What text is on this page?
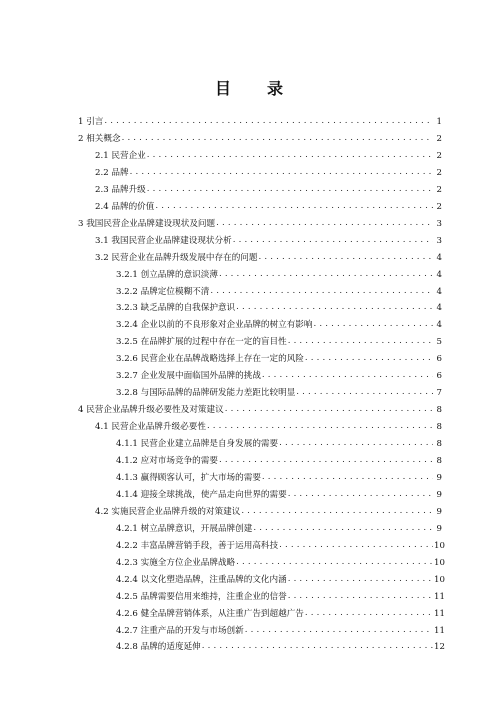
目 录
1 引言 . . .	1
2 相关概念 . . .	2
2.1 民营企业 . . .	2
2.2 品牌 . . .	2
2.3 品牌升级 . . .	2
2.4 品牌的价值 . . .	2
3 我国民营企业品牌建设现状及问题 . . .	3
3.1 我国民营企业品牌建设现状分析 . . .	3
3.2 民营企业在品牌升级发展中存在的问题 . . .	4
3.2.1 创立品牌的意识淡薄 . . .	4
3.2.2 品牌定位模糊不清 . . .	4
3.2.3 缺乏品牌的自我保护意识 . . .	4
3.2.4 企业以前的不良形象对企业品牌的树立有影响 . . .	4
3.2.5 在品牌扩展的过程中存在一定的盲目性 . . .	5
3.2.6 民营企业在品牌战略选择上存在一定的风险 . . .	6
3.2.7 企业发展中面临国外品牌的挑战 . . .	6
3.2.8 与国际品牌的品牌研发能力差距比较明显 . . .	7
4 民营企业品牌升级必要性及对策建议 . . .	8
4.1 民营企业品牌升级必要性 . . .	8
4.1.1 民营企业建立品牌是自身发展的需要 . . .	8
4.1.2 应对市场竞争的需要 . . .	8
4.1.3 赢得顾客认可，扩大市场的需要 . . .	9
4.1.4 迎接全球挑战，使产品走向世界的需要 . . .	9
4.2 实施民营企业品牌升级的对策建议 . . .	9
4.2.1 树立品牌意识，开展品牌创建 . . .	9
4.2.2 丰富品牌营销手段，善于运用高科技 . . .	10
4.2.3 实施全方位企业品牌战略 . . .	10
4.2.4 以文化塑造品牌，注重品牌的文化内涵 . . .	10
4.2.5 品牌需要信用来维持，注重企业的信誉 . . .	11
4.2.6 健全品牌营销体系，从注重广告到超越广告 . . .	11
4.2.7 注重产品的开发与市场创新 . . .	11
4.2.8 品牌的适度延伸 . . .	12
